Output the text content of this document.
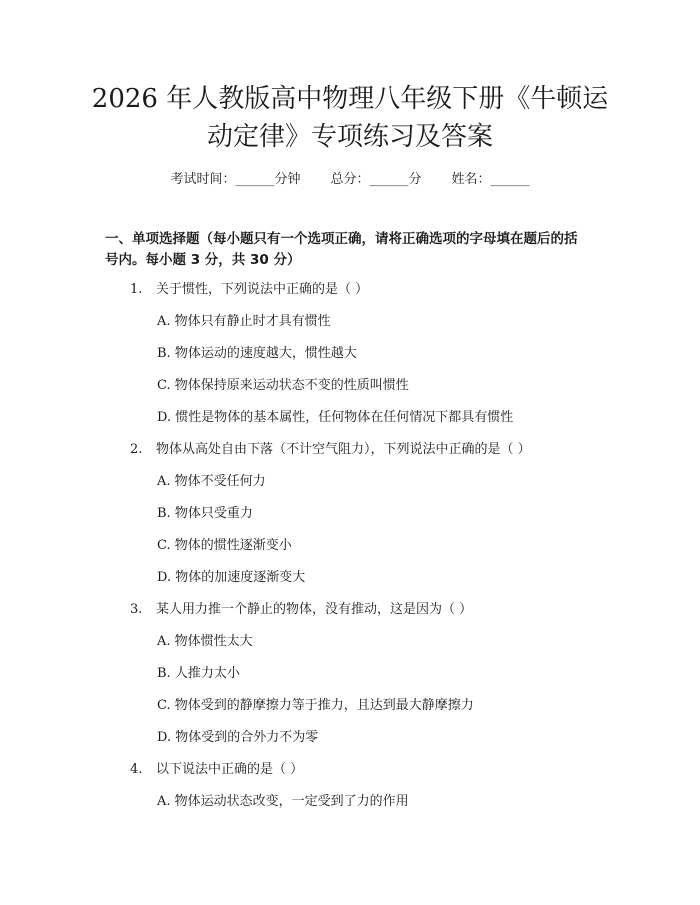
2026 年人教版高中物理八年级下册《牛顿运
动定律》专项练习及答案
考试时间：______分钟 总分：______分 姓名：______
一、单项选择题（每小题只有一个选项正确，请将正确选项的字母填在题后的括
号内。每小题 3 分，共 30 分）
1. 关于惯性，下列说法中正确的是（ ）
A. 物体只有静止时才具有惯性
B. 物体运动的速度越大，惯性越大
C. 物体保持原来运动状态不变的性质叫惯性
D. 惯性是物体的基本属性，任何物体在任何情况下都具有惯性
2. 物体从高处自由下落（不计空气阻力），下列说法中正确的是（ ）
A. 物体不受任何力
B. 物体只受重力
C. 物体的惯性逐渐变小
D. 物体的加速度逐渐变大
3. 某人用力推一个静止的物体，没有推动，这是因为（ ）
A. 物体惯性太大
B. 人推力太小
C. 物体受到的静摩擦力等于推力，且达到最大静摩擦力
D. 物体受到的合外力不为零
4. 以下说法中正确的是（ ）
A. 物体运动状态改变，一定受到了力的作用
